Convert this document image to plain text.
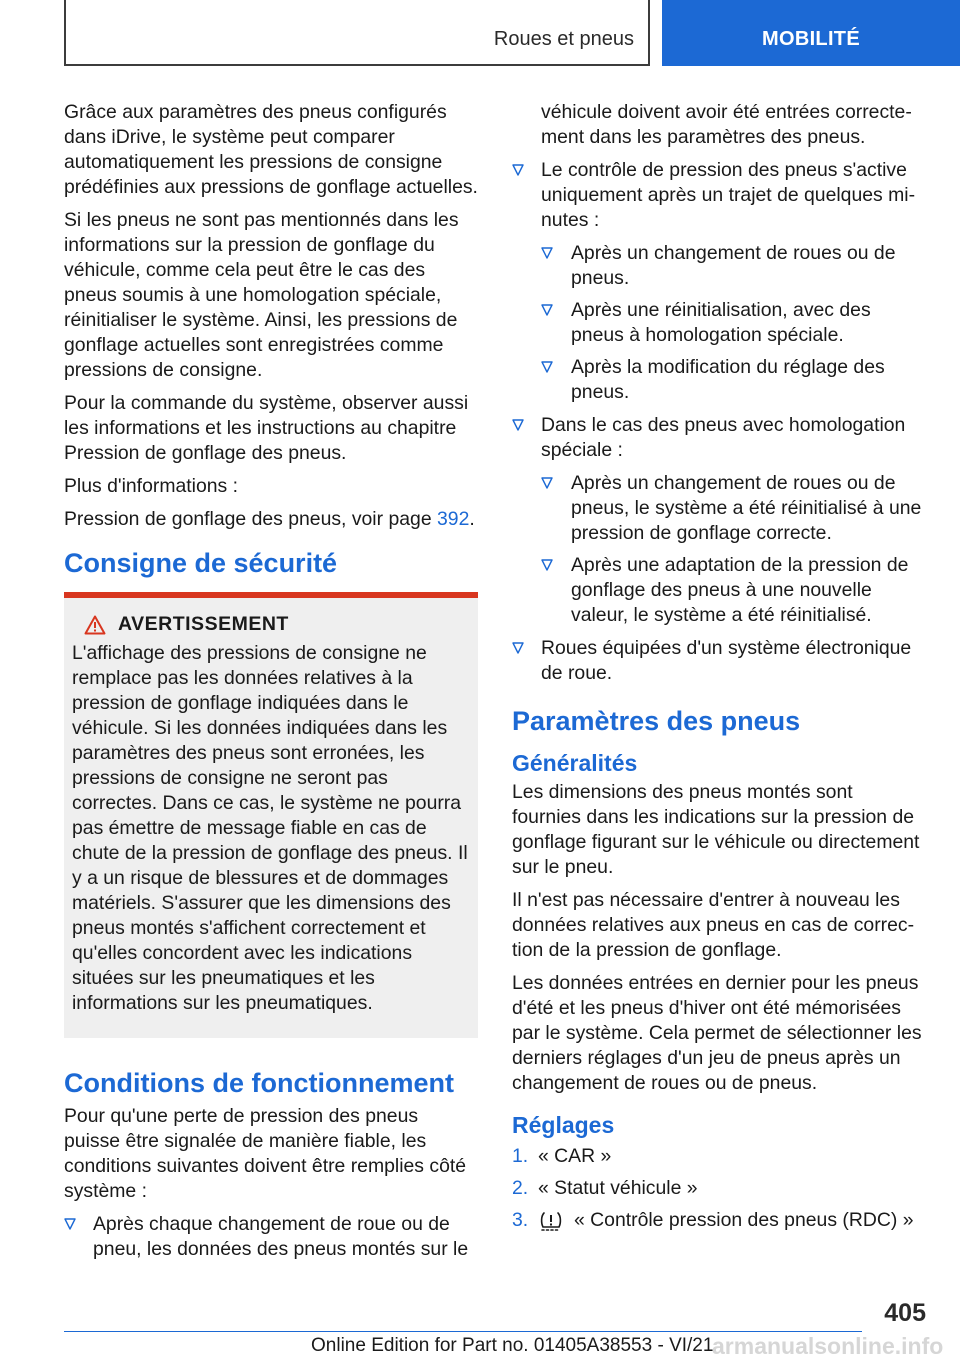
Roues et pneus	MOBILITÉ

Grâce aux paramètres des pneus configurés dans iDrive, le système peut comparer automatiquement les pressions de consigne prédéfinies aux pressions de gonflage actuelles.

Si les pneus ne sont pas mentionnés dans les informations sur la pression de gonflage du véhicule, comme cela peut être le cas des pneus soumis à une homologation spéciale, réinitialiser le système. Ainsi, les pressions de gonflage actuelles sont enregistrées comme pressions de consigne.

Pour la commande du système, observer aussi les informations et les instructions au chapitre Pression de gonflage des pneus.

Plus d'informations :

Pression de gonflage des pneus, voir page 392.

Consigne de sécurité
AVERTISSEMENT
L'affichage des pressions de consigne ne remplace pas les données relatives à la pression de gonflage indiquées dans le véhicule. Si les données indiquées dans les paramètres des pneus sont erronées, les pressions de consigne ne seront pas correctes. Dans ce cas, le système ne pourra pas émettre de message fiable en cas de chute de la pression de gonflage des pneus. Il y a un risque de blessures et de dommages matériels. S'assurer que les dimensions des pneus montés s'affichent correctement et qu'elles concordent avec les indications situées sur les pneumatiques et les informations sur les pneumatiques.
Conditions de fonctionnement

Pour qu'une perte de pression des pneus puisse être signalée de manière fiable, les conditions suivantes doivent être remplies côté système :

Après chaque changement de roue ou de pneu, les données des pneus montés sur le
véhicule doivent avoir été entrées correctement dans les paramètres des pneus.
Le contrôle de pression des pneus s'active uniquement après un trajet de quelques minutes :
Après un changement de roues ou de pneus.
Après une réinitialisation, avec des pneus à homologation spéciale.
Après la modification du réglage des pneus.
Dans le cas des pneus avec homologation spéciale :
Après un changement de roues ou de pneus, le système a été réinitialisé à une pression de gonflage correcte.
Après une adaptation de la pression de gonflage des pneus à une nouvelle valeur, le système a été réinitialisé.
Roues équipées d'un système électronique de roue.
Paramètres des pneus
Généralités

Les dimensions des pneus montés sont fournies dans les indications sur la pression de gonflage figurant sur le véhicule ou directement sur le pneu.

Il n'est pas nécessaire d'entrer à nouveau les données relatives aux pneus en cas de correction de la pression de gonflage.

Les données entrées en dernier pour les pneus d'été et les pneus d'hiver ont été mémorisées par le système. Cela permet de sélectionner les derniers réglages d'un jeu de pneus après un changement de roues ou de pneus.

Réglages
1. « CAR »
2. « Statut véhicule »
3.	« Contrôle pression des pneus (RDC) »
405
Online Edition for Part no. 01405A38553 - VI/21
armanualsonline.info
